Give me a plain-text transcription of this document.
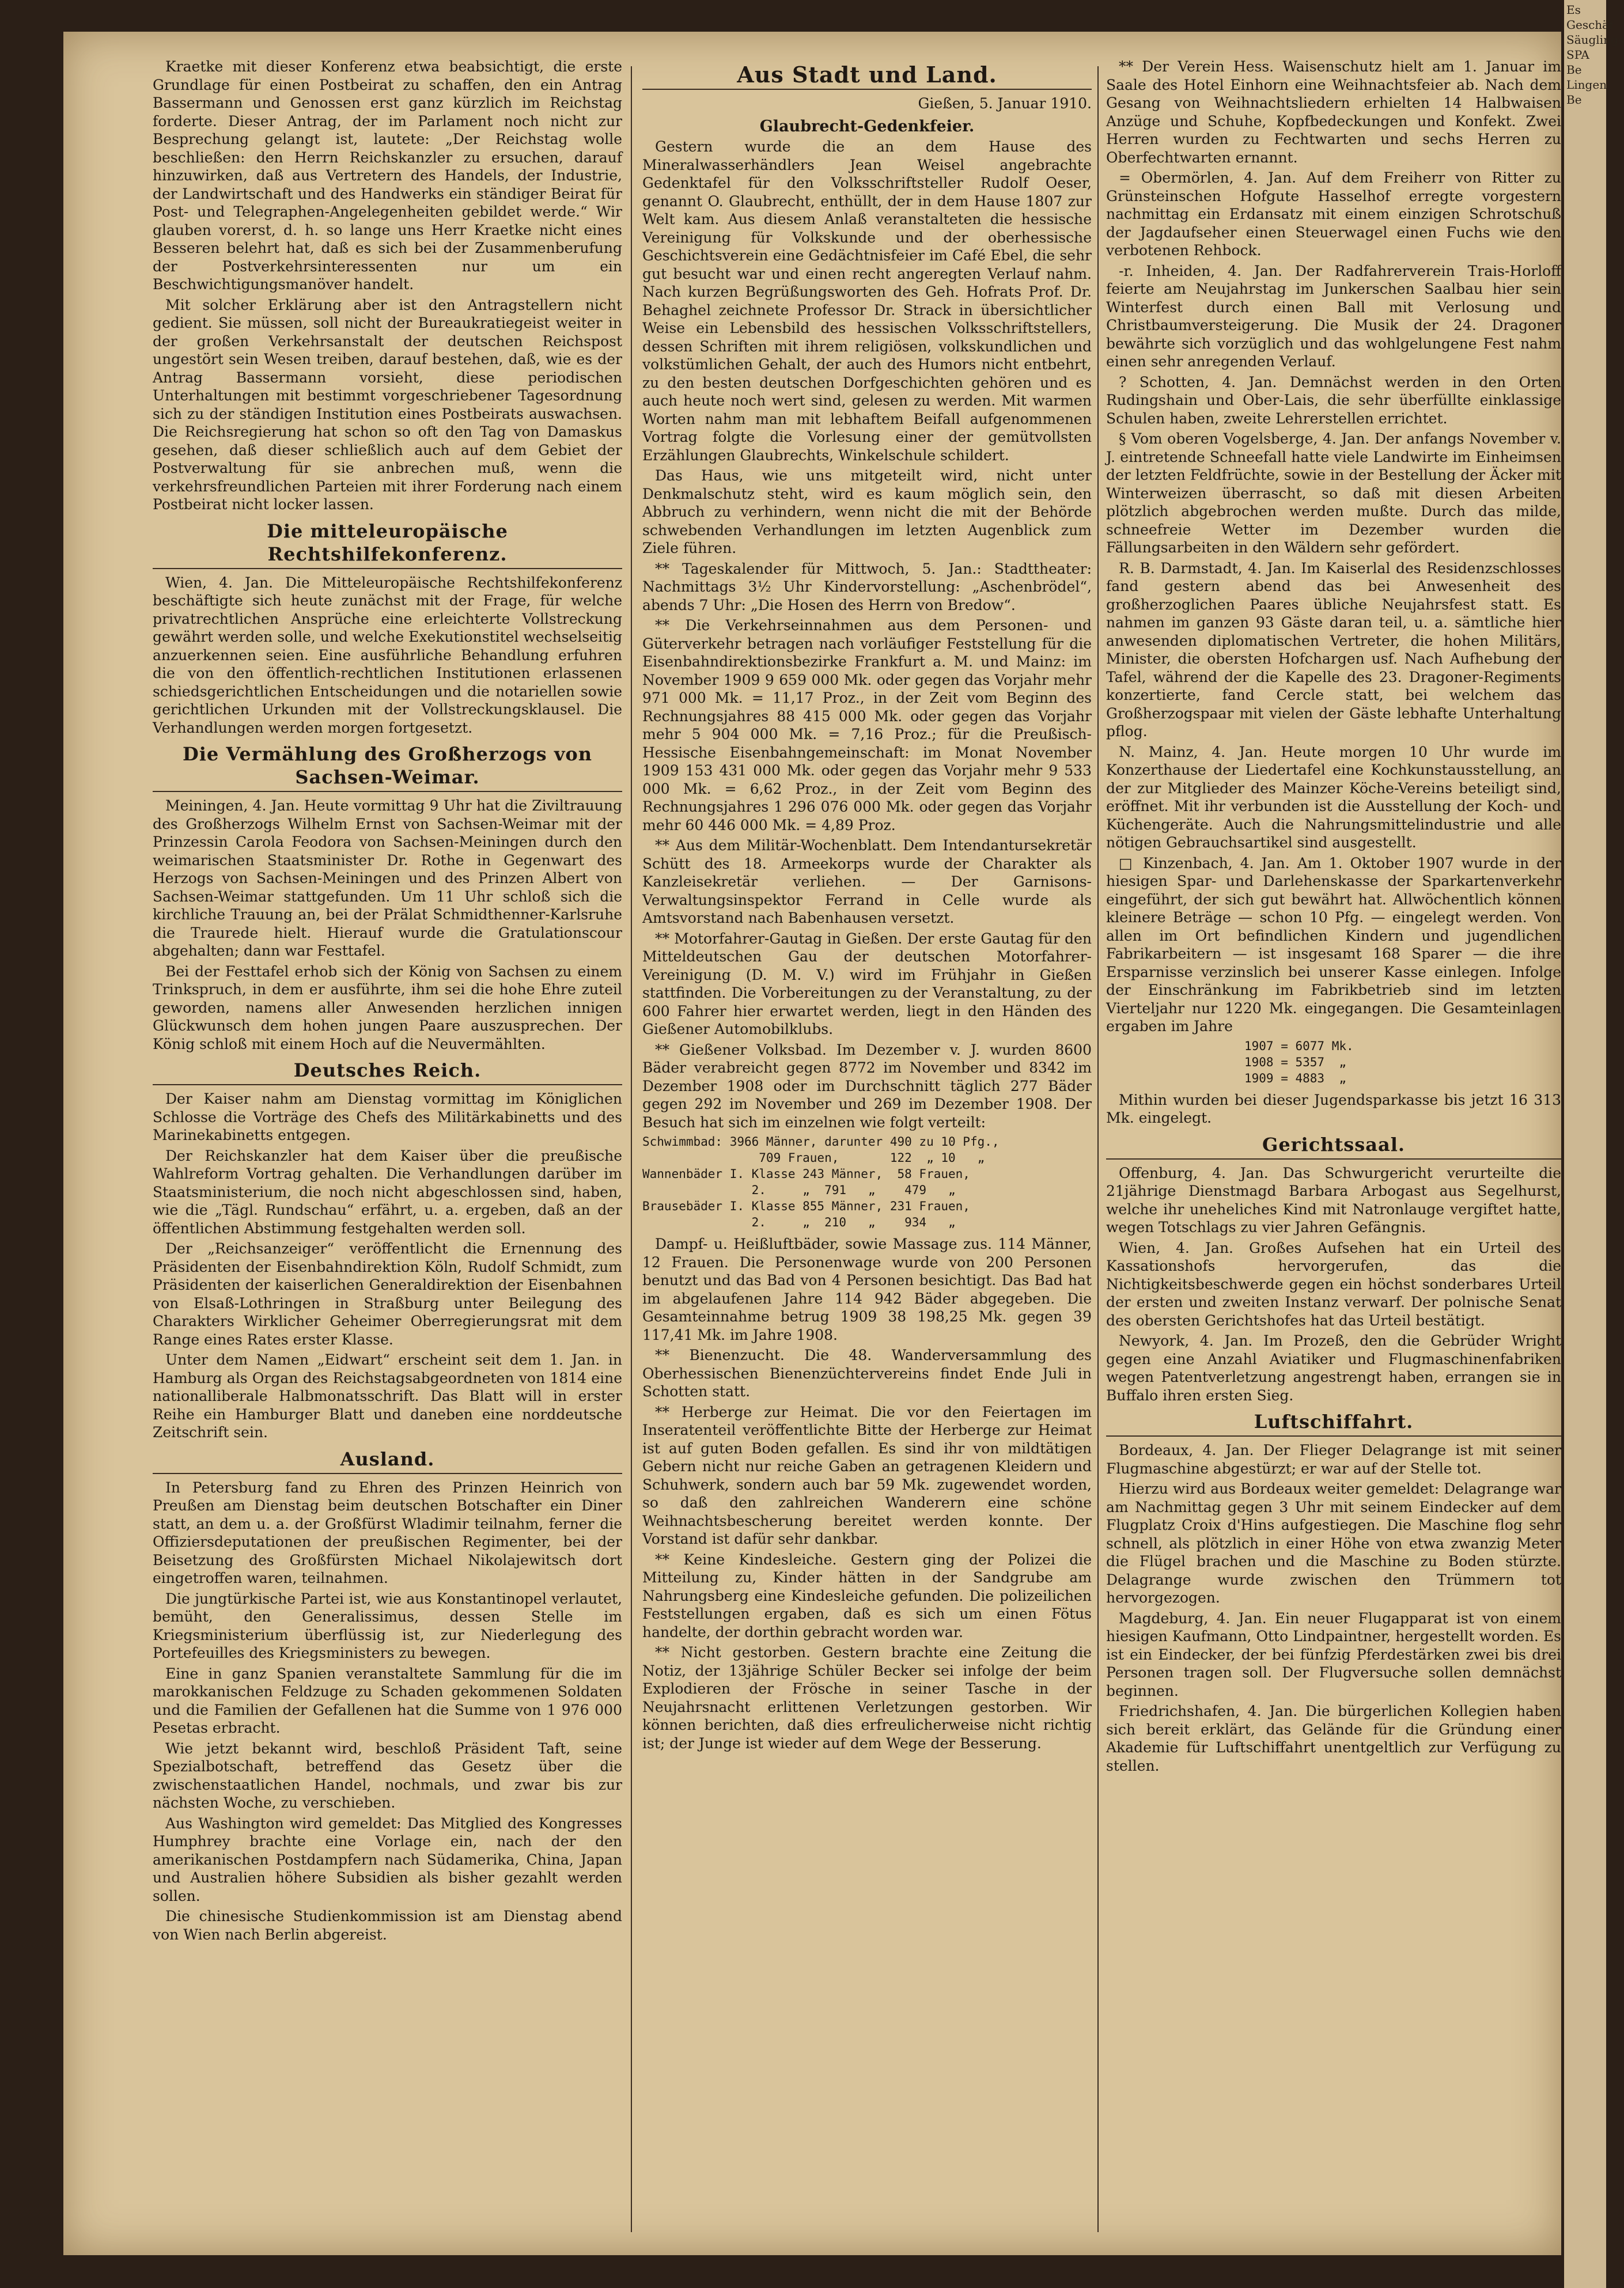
Kraetke mit dieser Konferenz etwa beabsichtigt, die erste Grundlage für einen Postbeirat zu schaffen, den ein Antrag Bassermann und Genossen erst ganz kürzlich im Reichstag forderte. Dieser Antrag, der im Parlament noch nicht zur Besprechung gelangt ist, lautete: „Der Reichstag wolle beschließen: den Herrn Reichskanzler zu ersuchen, darauf hinzuwirken, daß aus Vertretern des Handels, der Industrie, der Landwirtschaft und des Handwerks ein ständiger Beirat für Post- und Telegraphen-Angelegenheiten gebildet werde.“ Wir glauben vorerst, d. h. so lange uns Herr Kraetke nicht eines Besseren belehrt hat, daß es sich bei der Zusammenberufung der Postverkehrsinteressenten nur um ein Beschwichtigungsmanöver handelt.

Mit solcher Erklärung aber ist den Antragstellern nicht gedient. Sie müssen, soll nicht der Bureaukratiegeist weiter in der großen Verkehrsanstalt der deutschen Reichspost ungestört sein Wesen treiben, darauf bestehen, daß, wie es der Antrag Bassermann vorsieht, diese periodischen Unterhaltungen mit bestimmt vorgeschriebener Tagesordnung sich zu der ständigen Institution eines Postbeirats auswachsen. Die Reichsregierung hat schon so oft den Tag von Damaskus gesehen, daß dieser schließlich auch auf dem Gebiet der Postverwaltung für sie anbrechen muß, wenn die verkehrsfreundlichen Parteien mit ihrer Forderung nach einem Postbeirat nicht locker lassen.

Die mitteleuropäische Rechtshilfekonferenz.

Wien, 4. Jan. Die Mitteleuropäische Rechtshilfekonferenz beschäftigte sich heute zunächst mit der Frage, für welche privatrechtlichen Ansprüche eine erleichterte Vollstreckung gewährt werden solle, und welche Exekutionstitel wechselseitig anzuerkennen seien. Eine ausführliche Behandlung erfuhren die von den öffentlich-rechtlichen Institutionen erlassenen schiedsgerichtlichen Entscheidungen und die notariellen sowie gerichtlichen Urkunden mit der Vollstreckungsklausel. Die Verhandlungen werden morgen fortgesetzt.

Die Vermählung des Großherzogs von Sachsen-Weimar.

Meiningen, 4. Jan. Heute vormittag 9 Uhr hat die Ziviltrauung des Großherzogs Wilhelm Ernst von Sachsen-Weimar mit der Prinzessin Carola Feodora von Sachsen-Meiningen durch den weimarischen Staatsminister Dr. Rothe in Gegenwart des Herzogs von Sachsen-Meiningen und des Prinzen Albert von Sachsen-Weimar stattgefunden. Um 11 Uhr schloß sich die kirchliche Trauung an, bei der Prälat Schmidthenner-Karlsruhe die Traurede hielt. Hierauf wurde die Gratulationscour abgehalten; dann war Festtafel.

Bei der Festtafel erhob sich der König von Sachsen zu einem Trinkspruch, in dem er ausführte, ihm sei die hohe Ehre zuteil geworden, namens aller Anwesenden herzlichen innigen Glückwunsch dem hohen jungen Paare auszusprechen. Der König schloß mit einem Hoch auf die Neuvermählten.

Deutsches Reich.

Der Kaiser nahm am Dienstag vormittag im Königlichen Schlosse die Vorträge des Chefs des Militärkabinetts und des Marinekabinetts entgegen.

Der Reichskanzler hat dem Kaiser über die preußische Wahlreform Vortrag gehalten. Die Verhandlungen darüber im Staatsministerium, die noch nicht abgeschlossen sind, haben, wie die „Tägl. Rundschau“ erfährt, u. a. ergeben, daß an der öffentlichen Abstimmung festgehalten werden soll.

Der „Reichsanzeiger“ veröffentlicht die Ernennung des Präsidenten der Eisenbahndirektion Köln, Rudolf Schmidt, zum Präsidenten der kaiserlichen Generaldirektion der Eisenbahnen von Elsaß-Lothringen in Straßburg unter Beilegung des Charakters Wirklicher Geheimer Oberregierungsrat mit dem Range eines Rates erster Klasse.

Unter dem Namen „Eidwart“ erscheint seit dem 1. Jan. in Hamburg als Organ des Reichstagsabgeordneten von 1814 eine nationalliberale Halbmonatsschrift. Das Blatt will in erster Reihe ein Hamburger Blatt und daneben eine norddeutsche Zeitschrift sein.

Ausland.

In Petersburg fand zu Ehren des Prinzen Heinrich von Preußen am Dienstag beim deutschen Botschafter ein Diner statt, an dem u. a. der Großfürst Wladimir teilnahm, ferner die Offiziersdeputationen der preußischen Regimenter, bei der Beisetzung des Großfürsten Michael Nikolajewitsch dort eingetroffen waren, teilnahmen.

Die jungtürkische Partei ist, wie aus Konstantinopel verlautet, bemüht, den Generalissimus, dessen Stelle im Kriegsministerium überflüssig ist, zur Niederlegung des Portefeuilles des Kriegsministers zu bewegen.

Eine in ganz Spanien veranstaltete Sammlung für die im marokkanischen Feldzuge zu Schaden gekommenen Soldaten und die Familien der Gefallenen hat die Summe von 1 976 000 Pesetas erbracht.

Wie jetzt bekannt wird, beschloß Präsident Taft, seine Spezialbotschaft, betreffend das Gesetz über die zwischenstaatlichen Handel, nochmals, und zwar bis zur nächsten Woche, zu verschieben.

Aus Washington wird gemeldet: Das Mitglied des Kongresses Humphrey brachte eine Vorlage ein, nach der den amerikanischen Postdampfern nach Südamerika, China, Japan und Australien höhere Subsidien als bisher gezahlt werden sollen.

Die chinesische Studienkommission ist am Dienstag abend von Wien nach Berlin abgereist.

Aus Stadt und Land.
Gießen, 5. Januar 1910.
Glaubrecht-Gedenkfeier.

Gestern wurde die an dem Hause des Mineralwasserhändlers Jean Weisel angebrachte Gedenktafel für den Volksschriftsteller Rudolf Oeser, genannt O. Glaubrecht, enthüllt, der in dem Hause 1807 zur Welt kam. Aus diesem Anlaß veranstalteten die hessische Vereinigung für Volkskunde und der oberhessische Geschichtsverein eine Gedächtnisfeier im Café Ebel, die sehr gut besucht war und einen recht angeregten Verlauf nahm. Nach kurzen Begrüßungsworten des Geh. Hofrats Prof. Dr. Behaghel zeichnete Professor Dr. Strack in übersichtlicher Weise ein Lebensbild des hessischen Volksschriftstellers, dessen Schriften mit ihrem religiösen, volkskundlichen und volkstümlichen Gehalt, der auch des Humors nicht entbehrt, zu den besten deutschen Dorfgeschichten gehören und es auch heute noch wert sind, gelesen zu werden. Mit warmen Worten nahm man mit lebhaftem Beifall aufgenommenen Vortrag folgte die Vorlesung einer der gemütvollsten Erzählungen Glaubrechts, Winkelschule schildert.

Das Haus, wie uns mitgeteilt wird, nicht unter Denkmalschutz steht, wird es kaum möglich sein, den Abbruch zu verhindern, wenn nicht die mit der Behörde schwebenden Verhandlungen im letzten Augenblick zum Ziele führen.

** Tageskalender für Mittwoch, 5. Jan.: Stadttheater: Nachmittags 3½ Uhr Kindervorstellung: „Aschenbrödel“, abends 7 Uhr: „Die Hosen des Herrn von Bredow“.

** Die Verkehrseinnahmen aus dem Personen- und Güterverkehr betragen nach vorläufiger Feststellung für die Eisenbahndirektionsbezirke Frankfurt a. M. und Mainz: im November 1909 9 659 000 Mk. oder gegen das Vorjahr mehr 971 000 Mk. = 11,17 Proz., in der Zeit vom Beginn des Rechnungsjahres 88 415 000 Mk. oder gegen das Vorjahr mehr 5 904 000 Mk. = 7,16 Proz.; für die Preußisch-Hessische Eisenbahngemeinschaft: im Monat November 1909 153 431 000 Mk. oder gegen das Vorjahr mehr 9 533 000 Mk. = 6,62 Proz., in der Zeit vom Beginn des Rechnungsjahres 1 296 076 000 Mk. oder gegen das Vorjahr mehr 60 446 000 Mk. = 4,89 Proz.

** Aus dem Militär-Wochenblatt. Dem Intendantursekretär Schütt des 18. Armeekorps wurde der Charakter als Kanzleisekretär verliehen. — Der Garnisons-Verwaltungsinspektor Ferrand in Celle wurde als Amtsvorstand nach Babenhausen versetzt.

** Motorfahrer-Gautag in Gießen. Der erste Gautag für den Mitteldeutschen Gau der deutschen Motorfahrer-Vereinigung (D. M. V.) wird im Frühjahr in Gießen stattfinden. Die Vorbereitungen zu der Veranstaltung, zu der 600 Fahrer hier erwartet werden, liegt in den Händen des Gießener Automobilklubs.

** Gießener Volksbad. Im Dezember v. J. wurden 8600 Bäder verabreicht gegen 8772 im November und 8342 im Dezember 1908 oder im Durchschnitt täglich 277 Bäder gegen 292 im November und 269 im Dezember 1908. Der Besuch hat sich im einzelnen wie folgt verteilt:

Schwimmbad: 3966 Männer, darunter 490 zu 10 Pfg.,
709 Frauen,       122  „ 10   „
Wannenbäder I. Klasse 243 Männer,  58 Frauen,
2.     „  791   „    479   „
Brausebäder I. Klasse 855 Männer, 231 Frauen,
2.     „  210   „    934   „

Dampf- u. Heißluftbäder, sowie Massage zus. 114 Männer, 12 Frauen. Die Personenwage wurde von 200 Personen benutzt und das Bad von 4 Personen besichtigt. Das Bad hat im abgelaufenen Jahre 114 942 Bäder abgegeben. Die Gesamteinnahme betrug 1909 38 198,25 Mk. gegen 39 117,41 Mk. im Jahre 1908.

** Bienenzucht. Die 48. Wanderversammlung des Oberhessischen Bienenzüchtervereins findet Ende Juli in Schotten statt.

** Herberge zur Heimat. Die vor den Feiertagen im Inseratenteil veröffentlichte Bitte der Herberge zur Heimat ist auf guten Boden gefallen. Es sind ihr von mildtätigen Gebern nicht nur reiche Gaben an getragenen Kleidern und Schuhwerk, sondern auch bar 59 Mk. zugewendet worden, so daß den zahlreichen Wanderern eine schöne Weihnachtsbescherung bereitet werden konnte. Der Vorstand ist dafür sehr dankbar.

** Keine Kindesleiche. Gestern ging der Polizei die Mitteilung zu, Kinder hätten in der Sandgrube am Nahrungsberg eine Kindesleiche gefunden. Die polizeilichen Feststellungen ergaben, daß es sich um einen Fötus handelte, der dorthin gebracht worden war.

** Nicht gestorben. Gestern brachte eine Zeitung die Notiz, der 13jährige Schüler Becker sei infolge der beim Explodieren der Frösche in seiner Tasche in der Neujahrsnacht erlittenen Verletzungen gestorben. Wir können berichten, daß dies erfreulicherweise nicht richtig ist; der Junge ist wieder auf dem Wege der Besserung.

** Der Verein Hess. Waisenschutz hielt am 1. Januar im Saale des Hotel Einhorn eine Weihnachtsfeier ab. Nach dem Gesang von Weihnachtsliedern erhielten 14 Halbwaisen Anzüge und Schuhe, Kopfbedeckungen und Konfekt. Zwei Herren wurden zu Fechtwarten und sechs Herren zu Oberfechtwarten ernannt.

= Obermörlen, 4. Jan. Auf dem Freiherr von Ritter zu Grünsteinschen Hofgute Hasselhof erregte vorgestern nachmittag ein Erdansatz mit einem einzigen Schrotschuß der Jagdaufseher einen Steuerwagel einen Fuchs wie den verbotenen Rehbock.

-r. Inheiden, 4. Jan. Der Radfahrerverein Trais-Horloff feierte am Neujahrstag im Junkerschen Saalbau hier sein Winterfest durch einen Ball mit Verlosung und Christbaumversteigerung. Die Musik der 24. Dragoner bewährte sich vorzüglich und das wohlgelungene Fest nahm einen sehr anregenden Verlauf.

? Schotten, 4. Jan. Demnächst werden in den Orten Rudingshain und Ober-Lais, die sehr überfüllte einklassige Schulen haben, zweite Lehrerstellen errichtet.

§ Vom oberen Vogelsberge, 4. Jan. Der anfangs November v. J. eintretende Schneefall hatte viele Landwirte im Einheimsen der letzten Feldfrüchte, sowie in der Bestellung der Äcker mit Winterweizen überrascht, so daß mit diesen Arbeiten plötzlich abgebrochen werden mußte. Durch das milde, schneefreie Wetter im Dezember wurden die Fällungsarbeiten in den Wäldern sehr gefördert.

R. B. Darmstadt, 4. Jan. Im Kaiserlal des Residenzschlosses fand gestern abend das bei Anwesenheit des großherzoglichen Paares übliche Neujahrsfest statt. Es nahmen im ganzen 93 Gäste daran teil, u. a. sämtliche hier anwesenden diplomatischen Vertreter, die hohen Militärs, Minister, die obersten Hofchargen usf. Nach Aufhebung der Tafel, während der die Kapelle des 23. Dragoner-Regiments konzertierte, fand Cercle statt, bei welchem das Großherzogspaar mit vielen der Gäste lebhafte Unterhaltung pflog.

N. Mainz, 4. Jan. Heute morgen 10 Uhr wurde im Konzerthause der Liedertafel eine Kochkunstausstellung, an der zur Mitglieder des Mainzer Köche-Vereins beteiligt sind, eröffnet. Mit ihr verbunden ist die Ausstellung der Koch- und Küchengeräte. Auch die Nahrungsmittelindustrie und alle nötigen Gebrauchsartikel sind ausgestellt.

□ Kinzenbach, 4. Jan. Am 1. Oktober 1907 wurde in der hiesigen Spar- und Darlehenskasse der Sparkartenverkehr eingeführt, der sich gut bewährt hat. Allwöchentlich können kleinere Beträge — schon 10 Pfg. — eingelegt werden. Von allen im Ort befindlichen Kindern und jugendlichen Fabrikarbeitern — ist insgesamt 168 Sparer — die ihre Ersparnisse verzinslich bei unserer Kasse einlegen. Infolge der Einschränkung im Fabrikbetrieb sind im letzten Vierteljahr nur 1220 Mk. eingegangen. Die Gesamteinlagen ergaben im Jahre

1907 = 6077 Mk.
1908 = 5357  „
1909 = 4883  „

Mithin wurden bei dieser Jugendsparkasse bis jetzt 16 313 Mk. eingelegt.

Gerichtssaal.

Offenburg, 4. Jan. Das Schwurgericht verurteilte die 21jährige Dienstmagd Barbara Arbogast aus Segelhurst, welche ihr uneheliches Kind mit Natronlauge vergiftet hatte, wegen Totschlags zu vier Jahren Gefängnis.

Wien, 4. Jan. Großes Aufsehen hat ein Urteil des Kassationshofs hervorgerufen, das die Nichtigkeitsbeschwerde gegen ein höchst sonderbares Urteil der ersten und zweiten Instanz verwarf. Der polnische Senat des obersten Gerichtshofes hat das Urteil bestätigt.

Newyork, 4. Jan. Im Prozeß, den die Gebrüder Wright gegen eine Anzahl Aviatiker und Flugmaschinenfabriken wegen Patentverletzung angestrengt haben, errangen sie in Buffalo ihren ersten Sieg.

Luftschiffahrt.

Bordeaux, 4. Jan. Der Flieger Delagrange ist mit seiner Flugmaschine abgestürzt; er war auf der Stelle tot.

Hierzu wird aus Bordeaux weiter gemeldet: Delagrange war am Nachmittag gegen 3 Uhr mit seinem Eindecker auf dem Flugplatz Croix d'Hins aufgestiegen. Die Maschine flog sehr schnell, als plötzlich in einer Höhe von etwa zwanzig Meter die Flügel brachen und die Maschine zu Boden stürzte. Delagrange wurde zwischen den Trümmern tot hervorgezogen.

Magdeburg, 4. Jan. Ein neuer Flugapparat ist von einem hiesigen Kaufmann, Otto Lindpaintner, hergestellt worden. Es ist ein Eindecker, der bei fünfzig Pferdestärken zwei bis drei Personen tragen soll. Der Flugversuche sollen demnächst beginnen.

Friedrichshafen, 4. Jan. Die bürgerlichen Kollegien haben sich bereit erklärt, das Gelände für die Gründung einer Akademie für Luftschiffahrt unentgeltlich zur Verfügung zu stellen.

Es Geschäf Säuglings SPA Be Lingen Be
